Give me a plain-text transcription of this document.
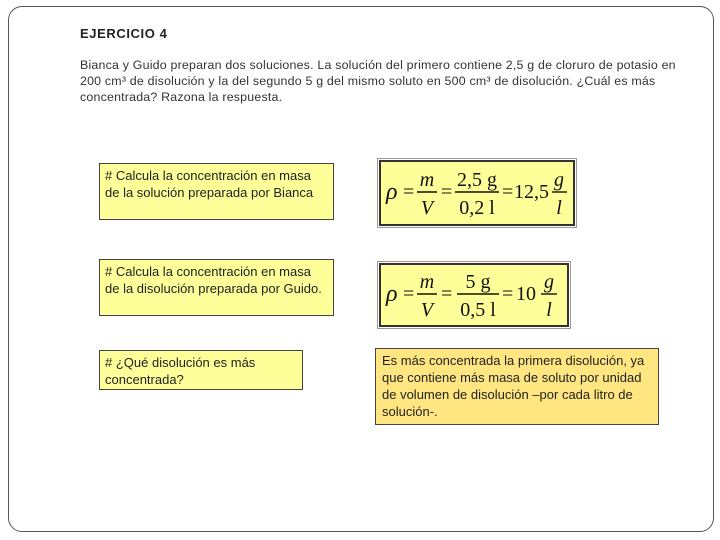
EJERCICIO 4
Bianca y Guido preparan dos soluciones. La solución del primero contiene 2,5 g de cloruro de potasio en 200 cm³ de disolución y la del segundo 5 g del mismo soluto en 500 cm³ de disolución. ¿Cuál es más concentrada? Razona la respuesta.
# Calcula la concentración en masa de la solución preparada por Bianca	ρ =
m
V
=
2,5 g
0,2 l
= 12,5
g
l
# Calcula la concentración en masa de la disolución preparada por Guido.	ρ =
m
V
=
5 g
0,5 l
= 10
g
l
# ¿Qué disolución es más concentrada?
Es más concentrada la primera disolución, ya que contiene más masa de soluto por unidad de volumen de disolución –por cada litro de solución-.
